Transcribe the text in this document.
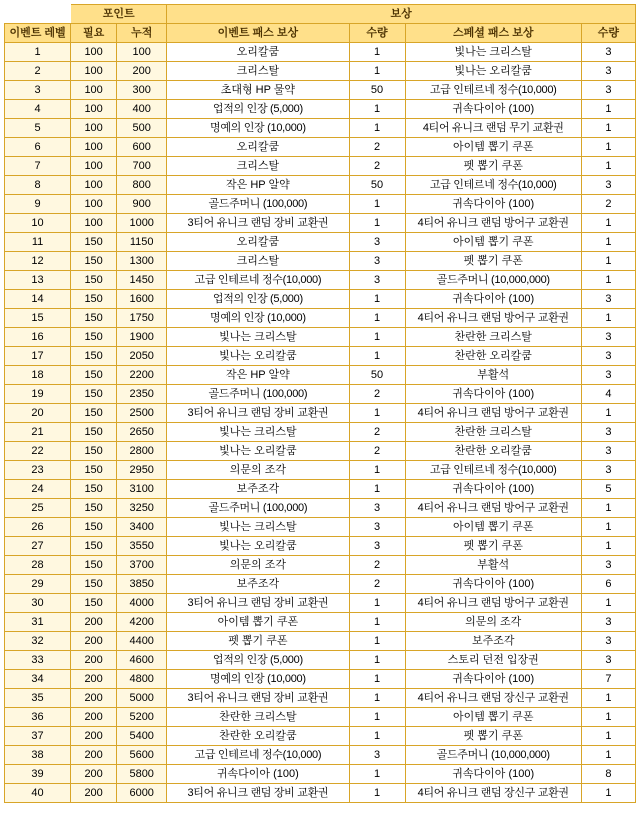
	포인트		보상			
이벤트 레벨	필요	누적	이벤트 패스 보상	수량	스페셜 패스 보상	수량
1	100	100	오리칼쿰	1	빛나는 크리스탈	3
2	100	200	크리스탈	1	빛나는 오리칼쿰	3
3	100	300	초대형 HP 물약	50	고급 인테르네 정수(10,000)	3
4	100	400	업적의 인장 (5,000)	1	귀속다이아 (100)	1
5	100	500	명예의 인장 (10,000)	1	4티어 유니크 랜덤 무기 교환권	1
6	100	600	오리칼쿰	2	아이템 뽑기 쿠폰	1
7	100	700	크리스탈	2	펫 뽑기 쿠폰	1
8	100	800	작은 HP 알약	50	고급 인테르네 정수(10,000)	3
9	100	900	골드주머니 (100,000)	1	귀속다이아 (100)	2
10	100	1000	3티어 유니크 랜덤 장비 교환권	1	4티어 유니크 랜덤 방어구 교환권	1
11	150	1150	오리칼쿰	3	아이템 뽑기 쿠폰	1
12	150	1300	크리스탈	3	펫 뽑기 쿠폰	1
13	150	1450	고급 인테르네 정수(10,000)	3	골드주머니 (10,000,000)	1
14	150	1600	업적의 인장 (5,000)	1	귀속다이아 (100)	3
15	150	1750	명예의 인장 (10,000)	1	4티어 유니크 랜덤 방어구 교환권	1
16	150	1900	빛나는 크리스탈	1	찬란한 크리스탈	3
17	150	2050	빛나는 오리칼쿰	1	찬란한 오리칼쿰	3
18	150	2200	작은 HP 알약	50	부활석	3
19	150	2350	골드주머니 (100,000)	2	귀속다이아 (100)	4
20	150	2500	3티어 유니크 랜덤 장비 교환권	1	4티어 유니크 랜덤 방어구 교환권	1
21	150	2650	빛나는 크리스탈	2	찬란한 크리스탈	3
22	150	2800	빛나는 오리칼쿰	2	찬란한 오리칼쿰	3
23	150	2950	의문의 조각	1	고급 인테르네 정수(10,000)	3
24	150	3100	보주조각	1	귀속다이아 (100)	5
25	150	3250	골드주머니 (100,000)	3	4티어 유니크 랜덤 방어구 교환권	1
26	150	3400	빛나는 크리스탈	3	아이템 뽑기 쿠폰	1
27	150	3550	빛나는 오리칼쿰	3	펫 뽑기 쿠폰	1
28	150	3700	의문의 조각	2	부활석	3
29	150	3850	보주조각	2	귀속다이아 (100)	6
30	150	4000	3티어 유니크 랜덤 장비 교환권	1	4티어 유니크 랜덤 방어구 교환권	1
31	200	4200	아이템 뽑기 쿠폰	1	의문의 조각	3
32	200	4400	펫 뽑기 쿠폰	1	보주조각	3
33	200	4600	업적의 인장 (5,000)	1	스토리 던전 입장권	3
34	200	4800	명예의 인장 (10,000)	1	귀속다이아 (100)	7
35	200	5000	3티어 유니크 랜덤 장비 교환권	1	4티어 유니크 랜덤 장신구 교환권	1
36	200	5200	찬란한 크리스탈	1	아이템 뽑기 쿠폰	1
37	200	5400	찬란한 오리칼쿰	1	펫 뽑기 쿠폰	1
38	200	5600	고급 인테르네 정수(10,000)	3	골드주머니 (10,000,000)	1
39	200	5800	귀속다이아 (100)	1	귀속다이아 (100)	8
40	200	6000	3티어 유니크 랜덤 장비 교환권	1	4티어 유니크 랜덤 장신구 교환권	1
